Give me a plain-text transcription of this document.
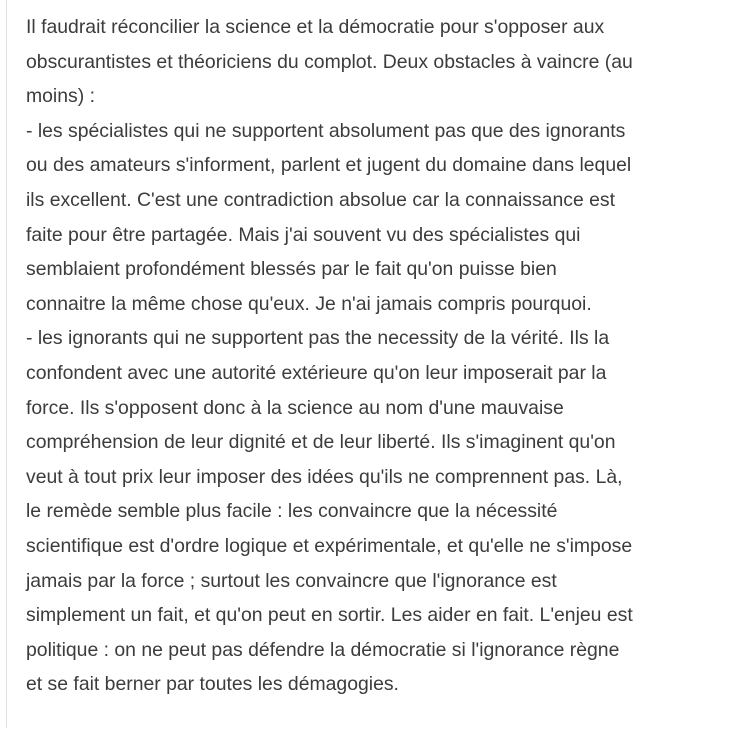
Il faudrait réconcilier la science et la démocratie pour s'opposer aux
obscurantistes et théoriciens du complot. Deux obstacles à vaincre (au
moins) :
- les spécialistes qui ne supportent absolument pas que des ignorants
ou des amateurs s'informent, parlent et jugent du domaine dans lequel
ils excellent. C'est une contradiction absolue car la connaissance est
faite pour être partagée. Mais j'ai souvent vu des spécialistes qui
semblaient profondément blessés par le fait qu'on puisse bien
connaitre la même chose qu'eux. Je n'ai jamais compris pourquoi.
- les ignorants qui ne supportent pas the necessity de la vérité. Ils la
confondent avec une autorité extérieure qu'on leur imposerait par la
force. Ils s'opposent donc à la science au nom d'une mauvaise
compréhension de leur dignité et de leur liberté. Ils s'imaginent qu'on
veut à tout prix leur imposer des idées qu'ils ne comprennent pas. Là,
le remède semble plus facile : les convaincre que la nécessité
scientifique est d'ordre logique et expérimentale, et qu'elle ne s'impose
jamais par la force ; surtout les convaincre que l'ignorance est
simplement un fait, et qu'on peut en sortir. Les aider en fait. L'enjeu est
politique : on ne peut pas défendre la démocratie si l'ignorance règne
et se fait berner par toutes les démagogies.
